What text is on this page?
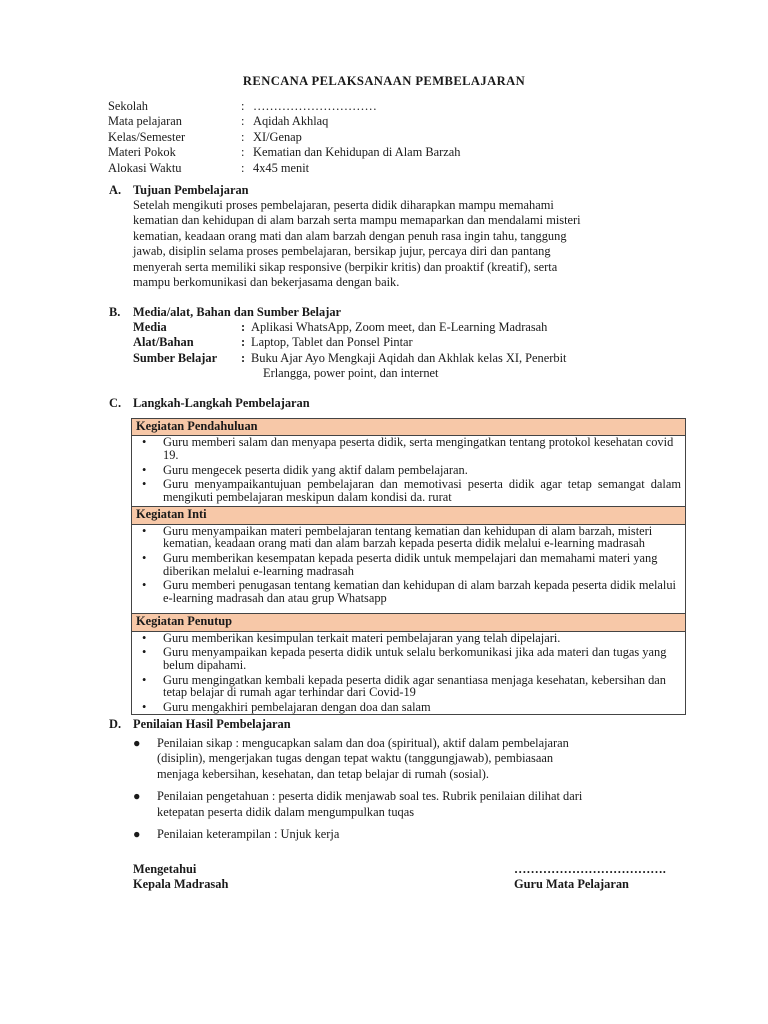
RENCANA PELAKSANAAN PEMBELAJARAN
Sekolah	: …………………………
Mata pelajaran	: Aqidah Akhlaq
Kelas/Semester	: XI/Genap
Materi Pokok	: Kematian dan Kehidupan di Alam Barzah
Alokasi Waktu	: 4x45 menit
A. Tujuan Pembelajaran
Setelah mengikuti proses pembelajaran, peserta didik diharapkan mampu memahami
kematian dan kehidupan di alam barzah serta mampu memaparkan dan mendalami misteri
kematian, keadaan orang mati dan alam barzah dengan penuh rasa ingin tahu, tanggung
jawab, disiplin selama proses pembelajaran, bersikap jujur, percaya diri dan pantang
menyerah serta memiliki sikap responsive (berpikir kritis) dan proaktif (kreatif), serta
mampu berkomunikasi dan bekerjasama dengan baik.
B.	Media/alat, Bahan dan Sumber Belajar
Media	: Aplikasi WhatsApp, Zoom meet, dan E-Learning Madrasah
Alat/Bahan	: Laptop, Tablet dan Ponsel Pintar
Sumber Belajar	: Buku Ajar Ayo Mengkaji Aqidah dan Akhlak kelas XI, Penerbit
Erlangga, power point, dan internet
C. Langkah-Langkah Pembelajaran
Kegiatan Pendahuluan

• Guru memberi salam dan menyapa peserta didik, serta mengingatkan tentang protokol kesehatan covid 19.
• Guru mengecek peserta didik yang aktif dalam pembelajaran.
• Guru menyampaikantujuan pembelajaran dan memotivasi peserta didik agar tetap semangat dalam mengikuti pembelajaran meskipun dalam kondisi da. rurat

Kegiatan Inti

• Guru menyampaikan materi pembelajaran tentang kematian dan kehidupan di alam barzah, misteri kematian, keadaan orang mati dan alam barzah kepada peserta didik melalui e-learning madrasah
• Guru memberikan kesempatan kepada peserta didik untuk mempelajari dan memahami materi yang diberikan melalui e-learning madrasah
• Guru memberi penugasan tentang kematian dan kehidupan di alam barzah kepada peserta didik melalui e-learning madrasah dan atau grup Whatsapp

Kegiatan Penutup

• Guru memberikan kesimpulan terkait materi pembelajaran yang telah dipelajari.
• Guru menyampaikan kepada peserta didik untuk selalu berkomunikasi jika ada materi dan tugas yang belum dipahami.
• Guru mengingatkan kembali kepada peserta didik agar senantiasa menjaga kesehatan, kebersihan dan tetap belajar di rumah agar terhindar dari Covid-19
• Guru mengakhiri pembelajaran dengan doa dan salam
D. Penilaian Hasil Pembelajaran
● Penilaian sikap : mengucapkan salam dan doa (spiritual), aktif dalam pembelajaran
(disiplin), mengerjakan tugas dengan tepat waktu (tanggungjawab), pembiasaan
menjaga kebersihan, kesehatan, dan tetap belajar di rumah (sosial).
● Penilaian pengetahuan : peserta didik menjawab soal tes. Rubrik penilaian dilihat dari
ketepatan peserta didik dalam mengumpulkan tuqas
● Penilaian keterampilan : Unjuk kerja
Mengetahui
Kepala Madrasah
……………………………….
Guru Mata Pelajaran
